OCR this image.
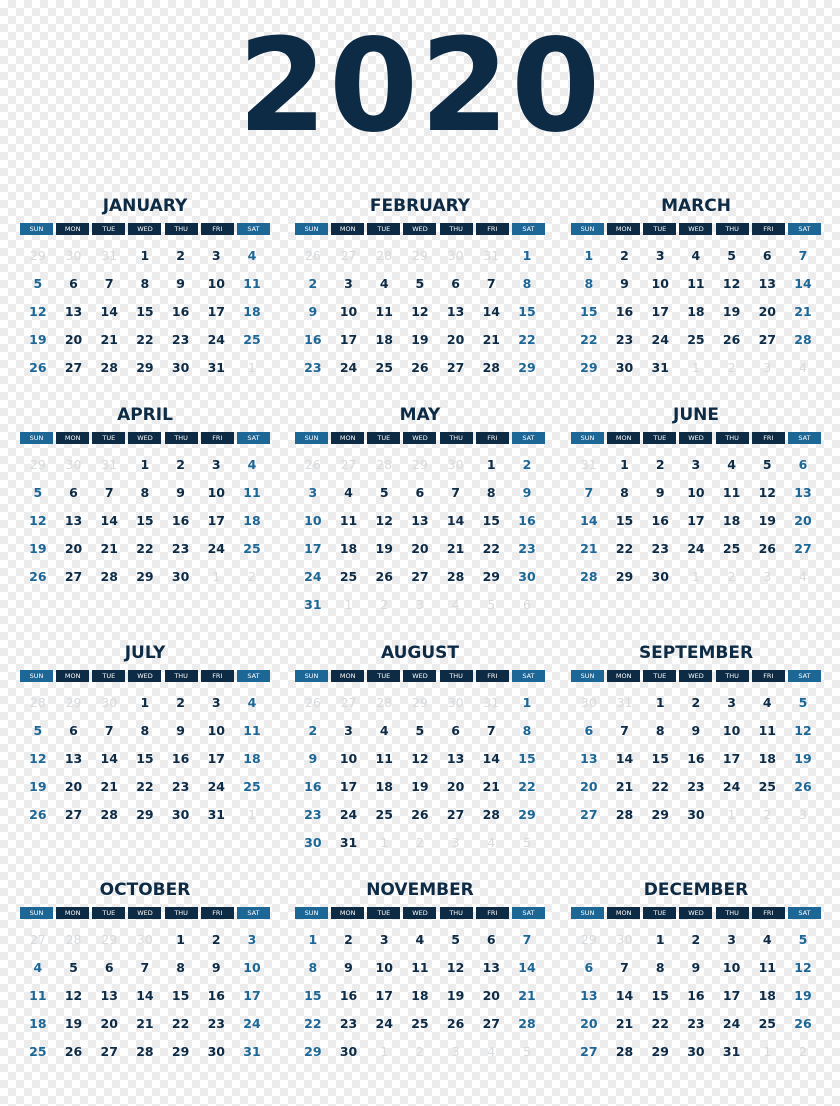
2020
JANUARY
SUN	MON	TUE	WED	THU	FRI	SAT
29	30	31	1	2	3	4
5	6	7	8	9	10	11
12	13	14	15	16	17	18
19	20	21	22	23	24	25
26	27	28	29	30	31	1
FEBRUARY
SUN	MON	TUE	WED	THU	FRI	SAT
26	27	28	29	30	31	1
2	3	4	5	6	7	8
9	10	11	12	13	14	15
16	17	18	19	20	21	22
23	24	25	26	27	28	29
MARCH
SUN	MON	TUE	WED	THU	FRI	SAT
1	2	3	4	5	6	7
8	9	10	11	12	13	14
15	16	17	18	19	20	21
22	23	24	25	26	27	28
29	30	31	1	2	3	4
APRIL
SUN	MON	TUE	WED	THU	FRI	SAT
29	30	31	1	2	3	4
5	6	7	8	9	10	11
12	13	14	15	16	17	18
19	20	21	22	23	24	25
26	27	28	29	30	1	2
MAY
SUN	MON	TUE	WED	THU	FRI	SAT
26	27	28	29	30	1	2
3	4	5	6	7	8	9
10	11	12	13	14	15	16
17	18	19	20	21	22	23
24	25	26	27	28	29	30
31	1	2	3	4	5	6
JUNE
SUN	MON	TUE	WED	THU	FRI	SAT
31	1	2	3	4	5	6
7	8	9	10	11	12	13
14	15	16	17	18	19	20
21	22	23	24	25	26	27
28	29	30	1	2	3	4
JULY
SUN	MON	TUE	WED	THU	FRI	SAT
28	29	30	1	2	3	4
5	6	7	8	9	10	11
12	13	14	15	16	17	18
19	20	21	22	23	24	25
26	27	28	29	30	31	1
AUGUST
SUN	MON	TUE	WED	THU	FRI	SAT
26	27	28	29	30	31	1
2	3	4	5	6	7	8
9	10	11	12	13	14	15
16	17	18	19	20	21	22
23	24	25	26	27	28	29
30	31	1	2	3	4	5
SEPTEMBER
SUN	MON	TUE	WED	THU	FRI	SAT
30	31	1	2	3	4	5
6	7	8	9	10	11	12
13	14	15	16	17	18	19
20	21	22	23	24	25	26
27	28	29	30	1	2	3
OCTOBER
SUN	MON	TUE	WED	THU	FRI	SAT
27	28	29	30	1	2	3
4	5	6	7	8	9	10
11	12	13	14	15	16	17
18	19	20	21	22	23	24
25	26	27	28	29	30	31
NOVEMBER
SUN	MON	TUE	WED	THU	FRI	SAT
1	2	3	4	5	6	7
8	9	10	11	12	13	14
15	16	17	18	19	20	21
22	23	24	25	26	27	28
29	30	1	2	3	4	5
DECEMBER
SUN	MON	TUE	WED	THU	FRI	SAT
29	30	1	2	3	4	5
6	7	8	9	10	11	12
13	14	15	16	17	18	19
20	21	22	23	24	25	26
27	28	29	30	31	1	2
